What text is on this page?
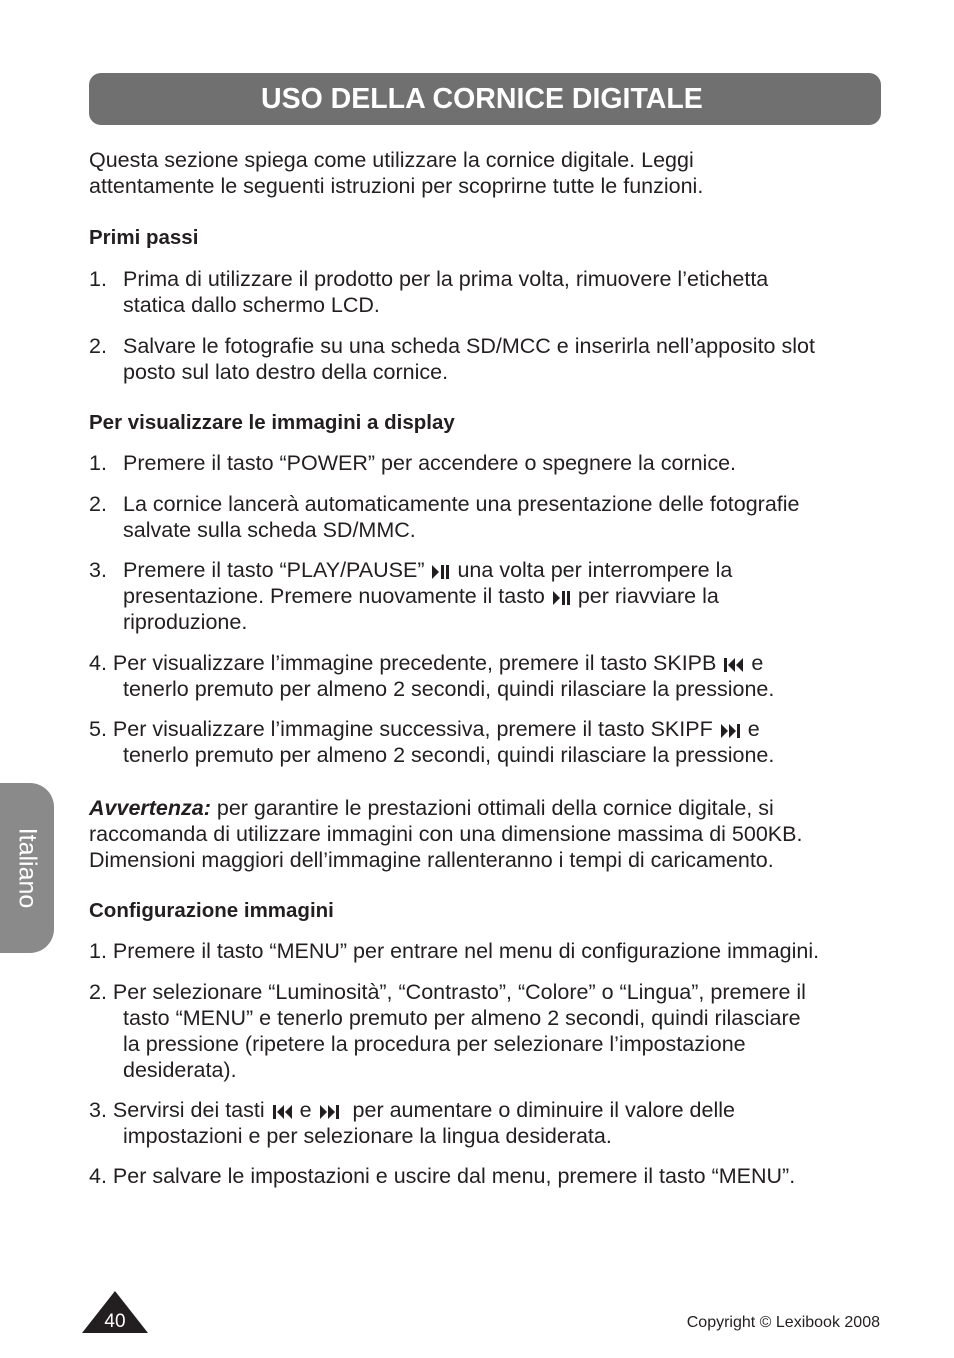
USO DELLA CORNICE DIGITALE

Questa sezione spiega come utilizzare la cornice digitale. Leggi

attentamente le seguenti istruzioni per scoprirne tutte le funzioni.

Primi passi
1. Prima di utilizzare il prodotto per la prima volta, rimuovere l’etichetta
statica dallo schermo LCD.
2. Salvare le fotografie su una scheda SD/MCC e inserirla nell’apposito slot
posto sul lato destro della cornice.
Per visualizzare le immagini a display
1. Premere il tasto “POWER” per accendere o spegnere la cornice.
2. La cornice lancerà automaticamente una presentazione delle fotografie
salvate sulla scheda SD/MMC.
3. Premere il tasto “PLAY/PAUSE” una volta per interrompere la
presentazione. Premere nuovamente il tasto per riavviare la
riproduzione.
4. Per visualizzare l’immagine precedente, premere il tasto SKIPB e
tenerlo premuto per almeno 2 secondi, quindi rilasciare la pressione.
5. Per visualizzare l’immagine successiva, premere il tasto SKIPF e
tenerlo premuto per almeno 2 secondi, quindi rilasciare la pressione.

Avvertenza: per garantire le prestazioni ottimali della cornice digitale, si

raccomanda di utilizzare immagini con una dimensione massima di 500KB.

Dimensioni maggiori dell’immagine rallenteranno i tempi di caricamento.

Configurazione immagini
1. Premere il tasto “MENU” per entrare nel menu di configurazione immagini.
2. Per selezionare “Luminosità”, “Contrasto”, “Colore” o “Lingua”, premere il
tasto “MENU” e tenerlo premuto per almeno 2 secondi, quindi rilasciare
la pressione (ripetere la procedura per selezionare l’impostazione
desiderata).
3. Servirsi dei tasti e per aumentare o diminuire il valore delle
impostazioni e per selezionare la lingua desiderata.
4. Per salvare le impostazioni e uscire dal menu, premere il tasto “MENU”.
Italiano
40	Copyright © Lexibook 2008
